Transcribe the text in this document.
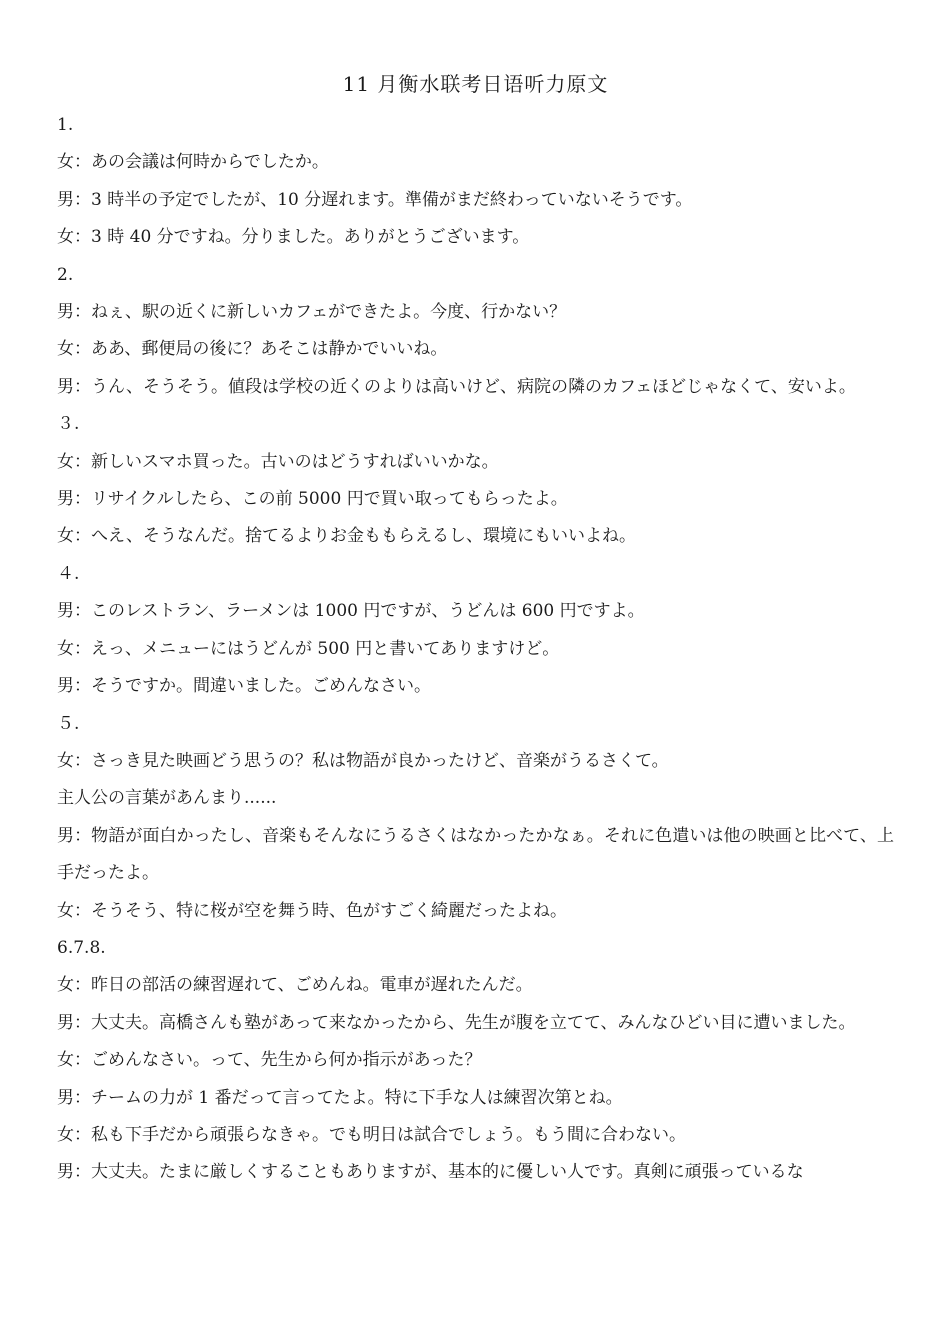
11 月衡水联考日语听力原文
1.
女：あの会議は何時からでしたか。
男：3 時半の予定でしたが、10 分遅れます。準備がまだ終わっていないそうです。
女：3 時 40 分ですね。分りました。ありがとうございます。
2.
男：ねぇ、駅の近くに新しいカフェができたよ。今度、行かない？
女：ああ、郵便局の後に？あそこは静かでいいね。
男：うん、そうそう。値段は学校の近くのよりは高いけど、病院の隣のカフェほどじゃなくて、安いよ。
３.
女：新しいスマホ買った。古いのはどうすればいいかな。
男：リサイクルしたら、この前 5000 円で買い取ってもらったよ。
女：へえ、そうなんだ。捨てるよりお金ももらえるし、環境にもいいよね。
４.
男：このレストラン、ラーメンは 1000 円ですが、うどんは 600 円ですよ。
女：えっ、メニューにはうどんが 500 円と書いてありますけど。
男：そうですか。間違いました。ごめんなさい。
５.
女：さっき見た映画どう思うの？私は物語が良かったけど、音楽がうるさくて。
主人公の言葉があんまり......
男：物語が面白かったし、音楽もそんなにうるさくはなかったかなぁ。それに色遣いは他の映画と比べて、上手だったよ。
女：そうそう、特に桜が空を舞う時、色がすごく綺麗だったよね。
6.7.8.
女：昨日の部活の練習遅れて、ごめんね。電車が遅れたんだ。
男：大丈夫。高橋さんも塾があって来なかったから、先生が腹を立てて、みんなひどい目に遭いました。
女：ごめんなさい。って、先生から何か指示があった？
男：チームの力が 1 番だって言ってたよ。特に下手な人は練習次第とね。
女：私も下手だから頑張らなきゃ。でも明日は試合でしょう。もう間に合わない。
男：大丈夫。たまに厳しくすることもありますが、基本的に優しい人です。真剣に頑張っているな
